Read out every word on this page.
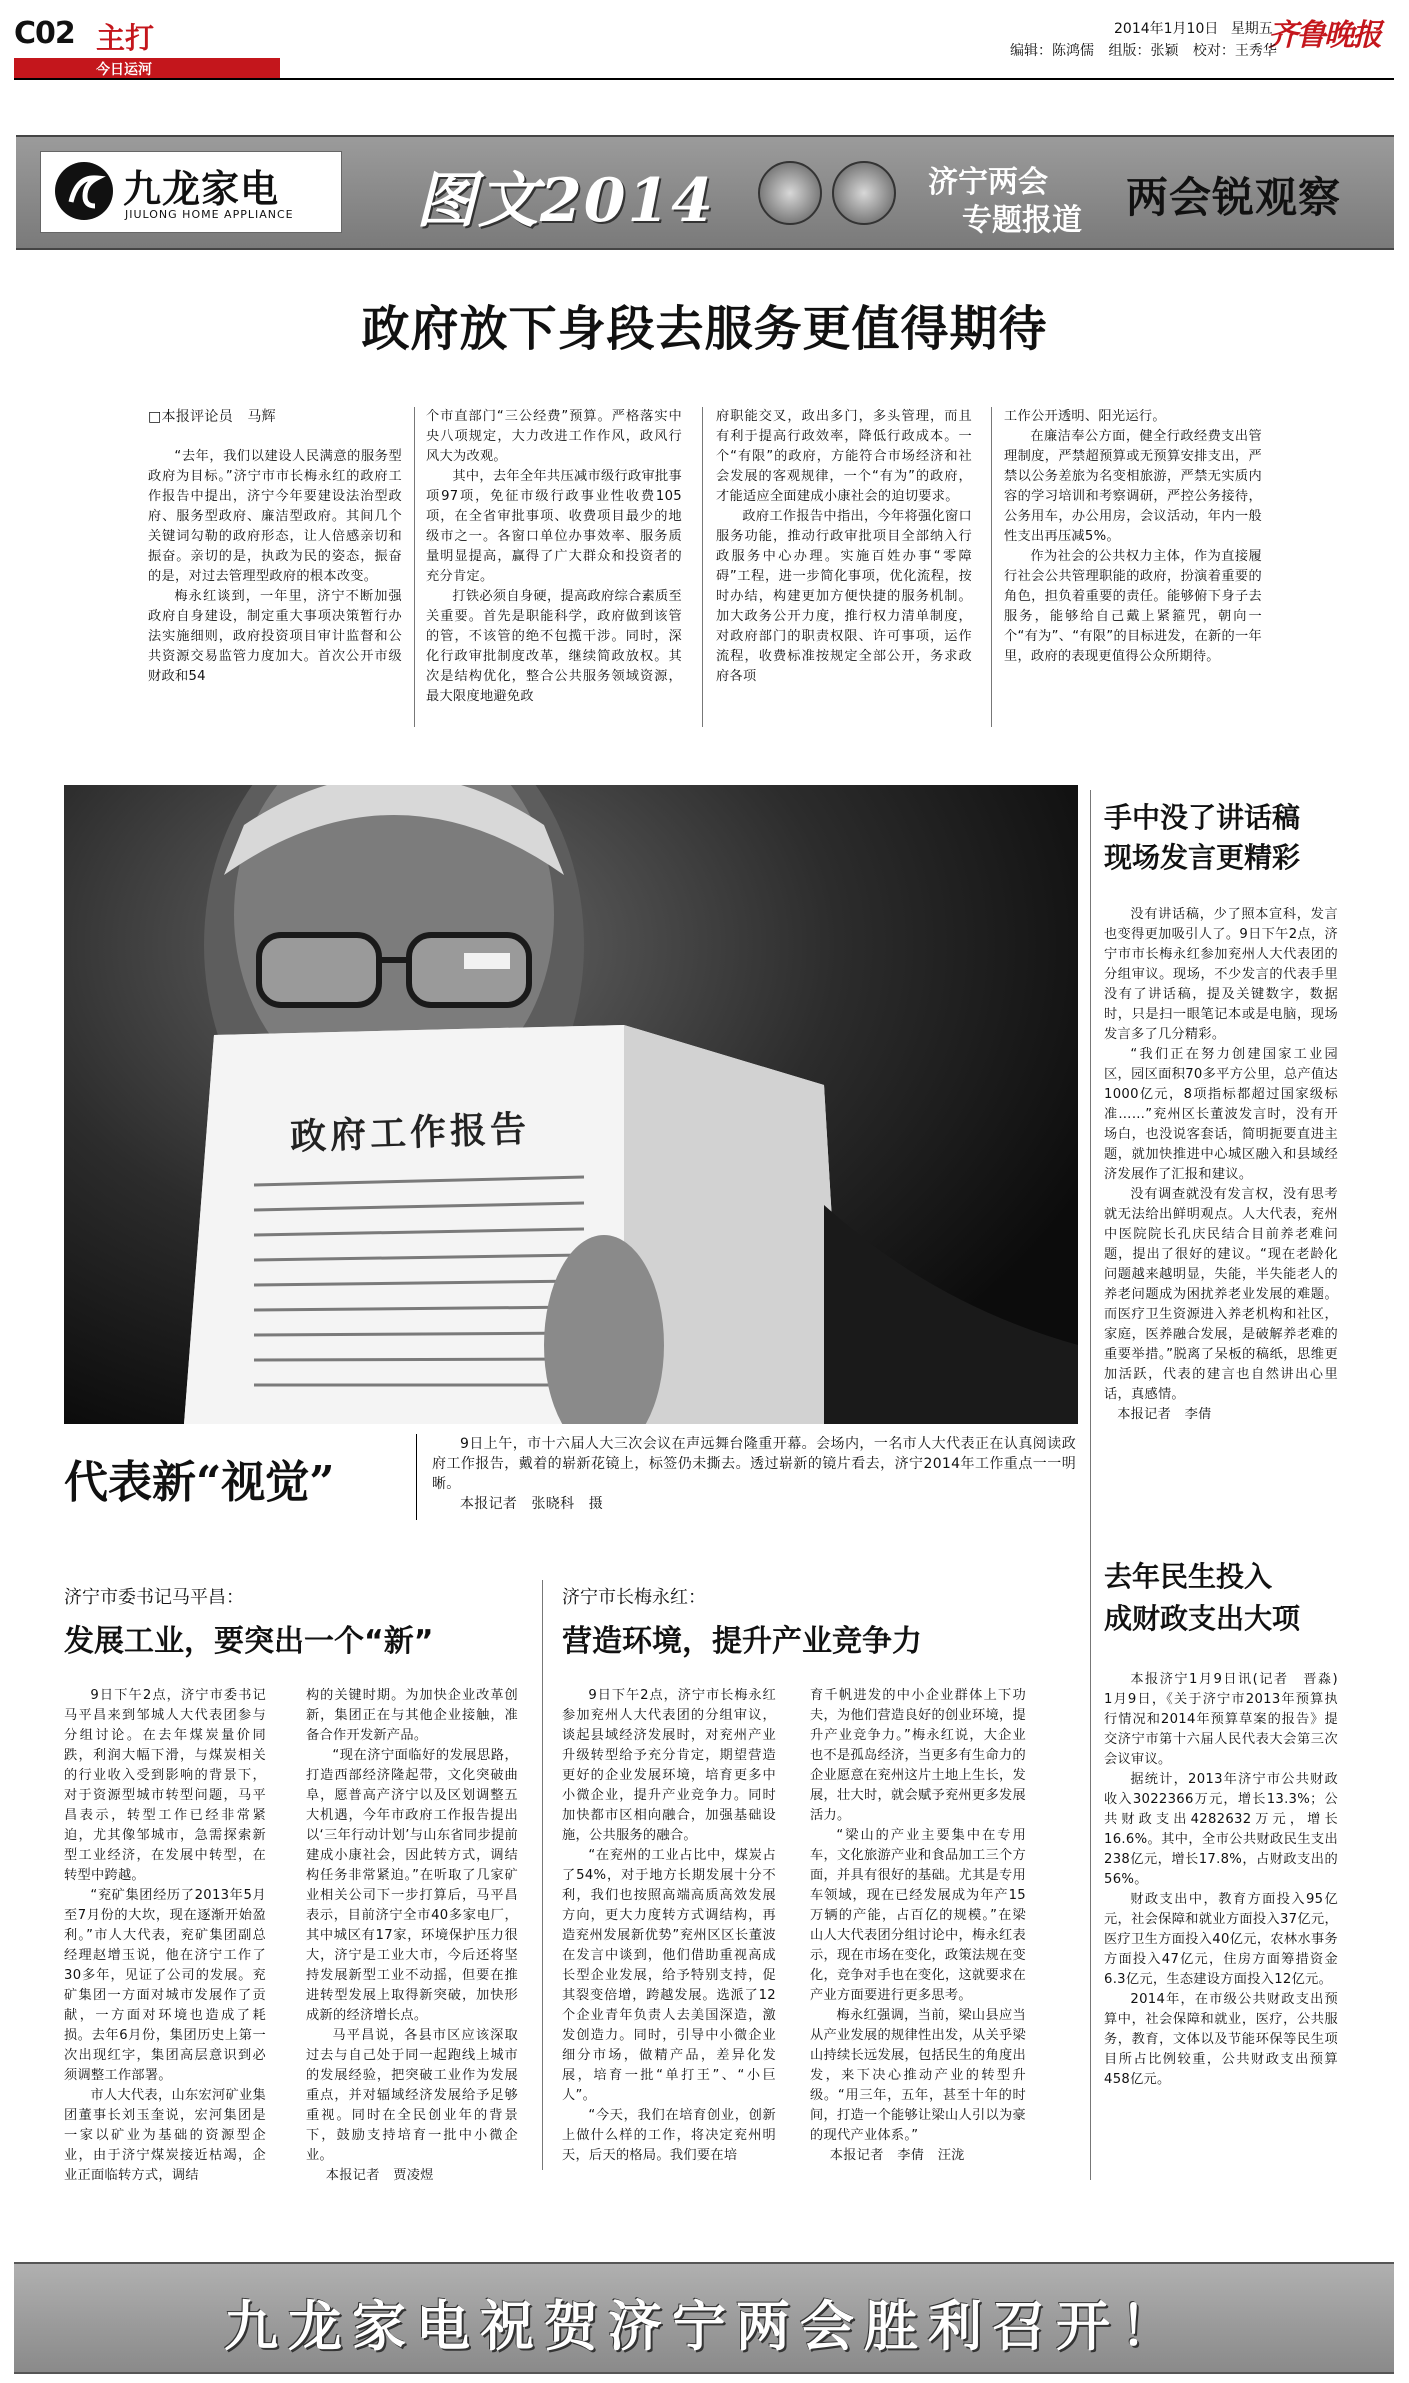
C02 主打
今日运河
2014年1月10日 星期五
齐鲁晚报
编辑：陈鸿儒 组版：张颖 校对：王秀华
九龙家电
JIULONG HOME APPLIANCE 图文2014	济宁两会
专题报道 两会锐观察
政府放下身段去服务更值得期待

□本报评论员　马辉

“去年，我们以建设人民满意的服务型政府为目标。”济宁市市长梅永红的政府工作报告中提出，济宁今年要建设法治型政府、服务型政府、廉洁型政府。其间几个关键词勾勒的政府形态，让人倍感亲切和振奋。亲切的是，执政为民的姿态，振奋的是，对过去管理型政府的根本改变。

梅永红谈到，一年里，济宁不断加强政府自身建设，制定重大事项决策暂行办法实施细则，政府投资项目审计监督和公共资源交易监管力度加大。首次公开市级财政和54

个市直部门“三公经费”预算。严格落实中央八项规定，大力改进工作作风，政风行风大为改观。

其中，去年全年共压减市级行政审批事项97项，免征市级行政事业性收费105项，在全省审批事项、收费项目最少的地级市之一。各窗口单位办事效率、服务质量明显提高，赢得了广大群众和投资者的充分肯定。

打铁必须自身硬，提高政府综合素质至关重要。首先是职能科学，政府做到该管的管，不该管的绝不包揽干涉。同时，深化行政审批制度改革，继续简政放权。其次是结构优化，整合公共服务领域资源，最大限度地避免政

府职能交叉，政出多门，多头管理，而且有利于提高行政效率，降低行政成本。一个“有限”的政府，方能符合市场经济和社会发展的客观规律，一个“有为”的政府，才能适应全面建成小康社会的迫切要求。

政府工作报告中指出，今年将强化窗口服务功能，推动行政审批项目全部纳入行政服务中心办理。实施百姓办事“零障碍”工程，进一步简化事项，优化流程，按时办结，构建更加方便快捷的服务机制。加大政务公开力度，推行权力清单制度，对政府部门的职责权限、许可事项，运作流程，收费标准按规定全部公开，务求政府各项

工作公开透明、阳光运行。

在廉洁奉公方面，健全行政经费支出管理制度，严禁超预算或无预算安排支出，严禁以公务差旅为名变相旅游，严禁无实质内容的学习培训和考察调研，严控公务接待，公务用车，办公用房，会议活动，年内一般性支出再压减5%。

作为社会的公共权力主体，作为直接履行社会公共管理职能的政府，扮演着重要的角色，担负着重要的责任。能够俯下身子去服务，能够给自己戴上紧箍咒，朝向一个“有为”、“有限”的目标进发，在新的一年里，政府的表现更值得公众所期待。

政府工作报告
代表新“视觉”

9日上午，市十六届人大三次会议在声远舞台隆重开幕。会场内，一名市人大代表正在认真阅读政府工作报告，戴着的崭新花镜上，标签仍未撕去。透过崭新的镜片看去，济宁2014年工作重点一一明晰。

本报记者　张晓科　摄

手中没了讲话稿
现场发言更精彩

没有讲话稿，少了照本宣科，发言也变得更加吸引人了。9日下午2点，济宁市市长梅永红参加兖州人大代表团的分组审议。现场，不少发言的代表手里没有了讲话稿，提及关键数字，数据时，只是扫一眼笔记本或是电脑，现场发言多了几分精彩。

“我们正在努力创建国家工业园区，园区面积70多平方公里，总产值达1000亿元，8项指标都超过国家级标准……”兖州区长董波发言时，没有开场白，也没说客套话，简明扼要直进主题，就加快推进中心城区融入和县域经济发展作了汇报和建议。

没有调查就没有发言权，没有思考就无法给出鲜明观点。人大代表，兖州中医院院长孔庆民结合目前养老难问题，提出了很好的建议。“现在老龄化问题越来越明显，失能，半失能老人的养老问题成为困扰养老业发展的难题。而医疗卫生资源进入养老机构和社区，家庭，医养融合发展，是破解养老难的重要举措。”脱离了呆板的稿纸，思维更加活跃，代表的建言也自然讲出心里话，真感情。

本报记者　李倩

去年民生投入
成财政支出大项

本报济宁1月9日讯(记者　晋淼)　1月9日，《关于济宁市2013年预算执行情况和2014年预算草案的报告》提交济宁市第十六届人民代表大会第三次会议审议。

据统计，2013年济宁市公共财政收入3022366万元，增长13.3%；公共财政支出4282632万元，增长16.6%。其中，全市公共财政民生支出238亿元，增长17.8%，占财政支出的56%。

财政支出中，教育方面投入95亿元，社会保障和就业方面投入37亿元，医疗卫生方面投入40亿元，农林水事务方面投入47亿元，住房方面筹措资金6.3亿元，生态建设方面投入12亿元。

2014年，在市级公共财政支出预算中，社会保障和就业，医疗，公共服务，教育，文体以及节能环保等民生项目所占比例较重，公共财政支出预算458亿元。

济宁市委书记马平昌：
发展工业，要突出一个“新”

9日下午2点，济宁市委书记马平昌来到邹城人大代表团参与分组讨论。在去年煤炭量价同跌，利润大幅下滑，与煤炭相关的行业收入受到影响的背景下，对于资源型城市转型问题，马平昌表示，转型工作已经非常紧迫，尤其像邹城市，急需探索新型工业经济，在发展中转型，在转型中跨越。

“兖矿集团经历了2013年5月至7月份的大坎，现在逐渐开始盈利。”市人大代表，兖矿集团副总经理赵增玉说，他在济宁工作了30多年，见证了公司的发展。兖矿集团一方面对城市发展作了贡献，一方面对环境也造成了耗损。去年6月份，集团历史上第一次出现红字，集团高层意识到必须调整工作部署。

市人大代表，山东宏河矿业集团董事长刘玉奎说，宏河集团是一家以矿业为基础的资源型企业，由于济宁煤炭接近枯竭，企业正面临转方式，调结

构的关键时期。为加快企业改革创新，集团正在与其他企业接触，准备合作开发新产品。

“现在济宁面临好的发展思路，打造西部经济隆起带，文化突破曲阜，愿普高产济宁以及区划调整五大机遇，今年市政府工作报告提出以‘三年行动计划’与山东省同步提前建成小康社会，因此转方式，调结构任务非常紧迫。”在听取了几家矿业相关公司下一步打算后，马平昌表示，目前济宁全市40多家电厂，其中城区有17家，环境保护压力很大，济宁是工业大市，今后还将坚持发展新型工业不动摇，但要在推进转型发展上取得新突破，加快形成新的经济增长点。

马平昌说，各县市区应该深取过去与自己处于同一起跑线上城市的发展经验，把突破工业作为发展重点，并对辐域经济发展给予足够重视。同时在全民创业年的背景下，鼓励支持培育一批中小微企业。

本报记者　贾凌煜

济宁市长梅永红：
营造环境，提升产业竞争力

9日下午2点，济宁市长梅永红参加兖州人大代表团的分组审议，谈起县域经济发展时，对兖州产业升级转型给予充分肯定，期望营造更好的企业发展环境，培育更多中小微企业，提升产业竞争力。同时加快都市区相向融合，加强基础设施，公共服务的融合。

“在兖州的工业占比中，煤炭占了54%，对于地方长期发展十分不利，我们也按照高端高质高效发展方向，更大力度转方式调结构，再造兖州发展新优势”兖州区区长董波在发言中谈到，他们借助重视高成长型企业发展，给予特别支持，促其裂变倍增，跨越发展。选派了12个企业青年负责人去美国深造，激发创造力。同时，引导中小微企业细分市场，做精产品，差异化发展，培育一批“单打王”、“小巨人”。

“今天，我们在培育创业，创新上做什么样的工作，将决定兖州明天，后天的格局。我们要在培

育千帆进发的中小企业群体上下功夫，为他们营造良好的创业环境，提升产业竞争力。”梅永红说，大企业也不是孤岛经济，当更多有生命力的企业愿意在兖州这片土地上生长，发展，壮大时，就会赋予兖州更多发展活力。

“梁山的产业主要集中在专用车，文化旅游产业和食品加工三个方面，并具有很好的基础。尤其是专用车领域，现在已经发展成为年产15万辆的产能，占百亿的规模。”在梁山人大代表团分组讨论中，梅永红表示，现在市场在变化，政策法规在变化，竞争对手也在变化，这就要求在产业方面要进行更多思考。

梅永红强调，当前，梁山县应当从产业发展的规律性出发，从关乎梁山持续长远发展，包括民生的角度出发，来下决心推动产业的转型升级。“用三年，五年，甚至十年的时间，打造一个能够让梁山人引以为豪的现代产业体系。”

本报记者　李倩　汪泷

九龙家电祝贺济宁两会胜利召开！
